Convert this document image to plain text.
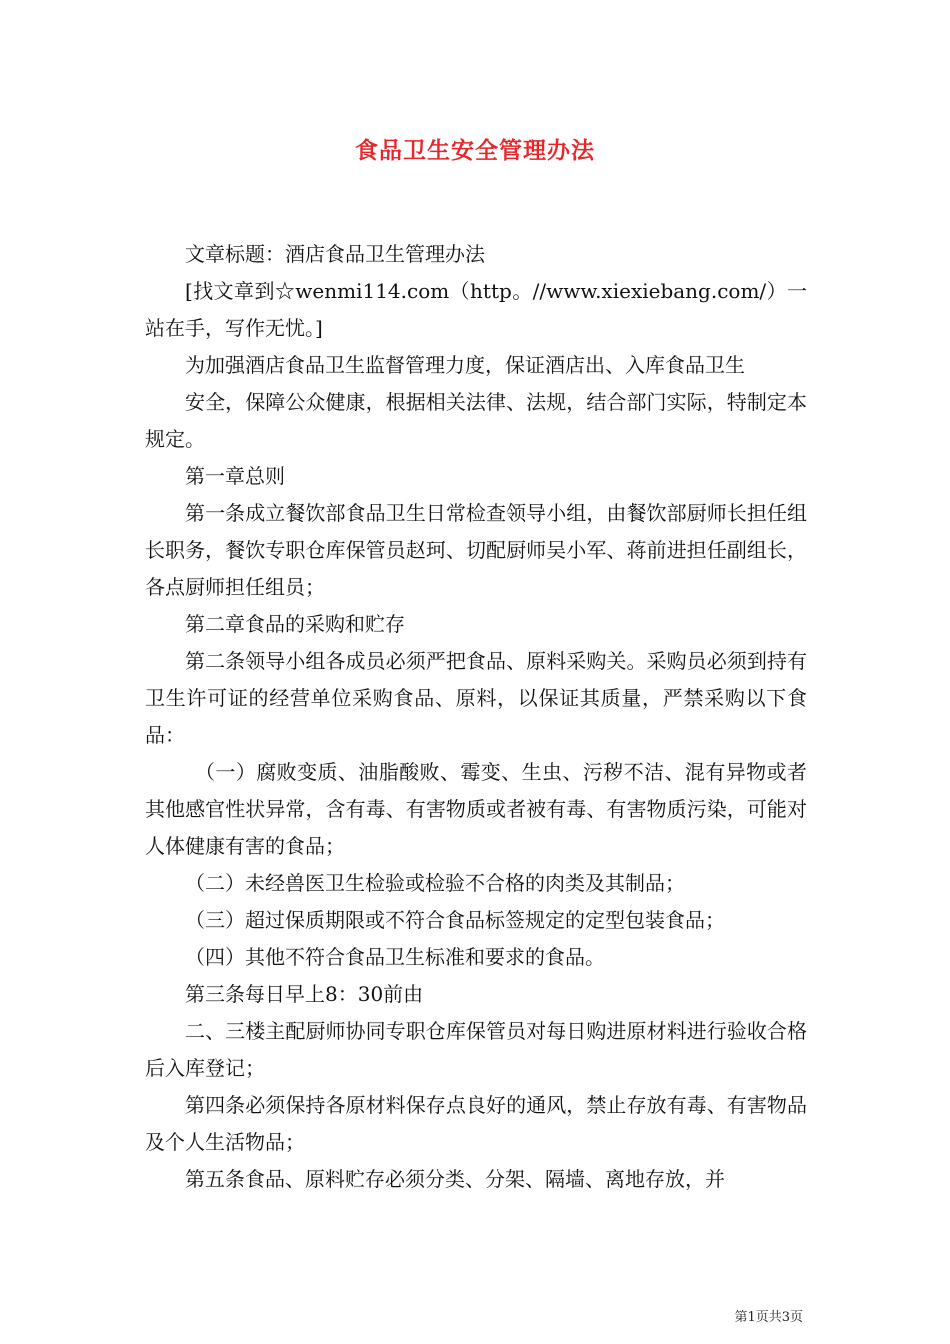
食品卫生安全管理办法

文章标题：酒店食品卫生管理办法

[找文章到☆wenmi114.com（http。//www.xiexiebang.com/）一站在手，写作无忧。]

为加强酒店食品卫生监督管理力度，保证酒店出、入库食品卫生

安全，保障公众健康，根据相关法律、法规，结合部门实际，特制定本规定。

第一章总则

第一条成立餐饮部食品卫生日常检查领导小组，由餐饮部厨师长担任组长职务，餐饮专职仓库保管员赵珂、切配厨师吴小军、蒋前进担任副组长，各点厨师担任组员；

第二章食品的采购和贮存

第二条领导小组各成员必须严把食品、原料采购关。采购员必须到持有卫生许可证的经营单位采购食品、原料，以保证其质量，严禁采购以下食品：

（一）腐败变质、油脂酸败、霉变、生虫、污秽不洁、混有异物或者其他感官性状异常，含有毒、有害物质或者被有毒、有害物质污染，可能对人体健康有害的食品；

（二）未经兽医卫生检验或检验不合格的肉类及其制品；

（三）超过保质期限或不符合食品标签规定的定型包装食品；

（四）其他不符合食品卫生标准和要求的食品。

第三条每日早上8：30前由

二、三楼主配厨师协同专职仓库保管员对每日购进原材料进行验收合格后入库登记；

第四条必须保持各原材料保存点良好的通风，禁止存放有毒、有害物品及个人生活物品；

第五条食品、原料贮存必须分类、分架、隔墙、离地存放，并

第1页共3页
